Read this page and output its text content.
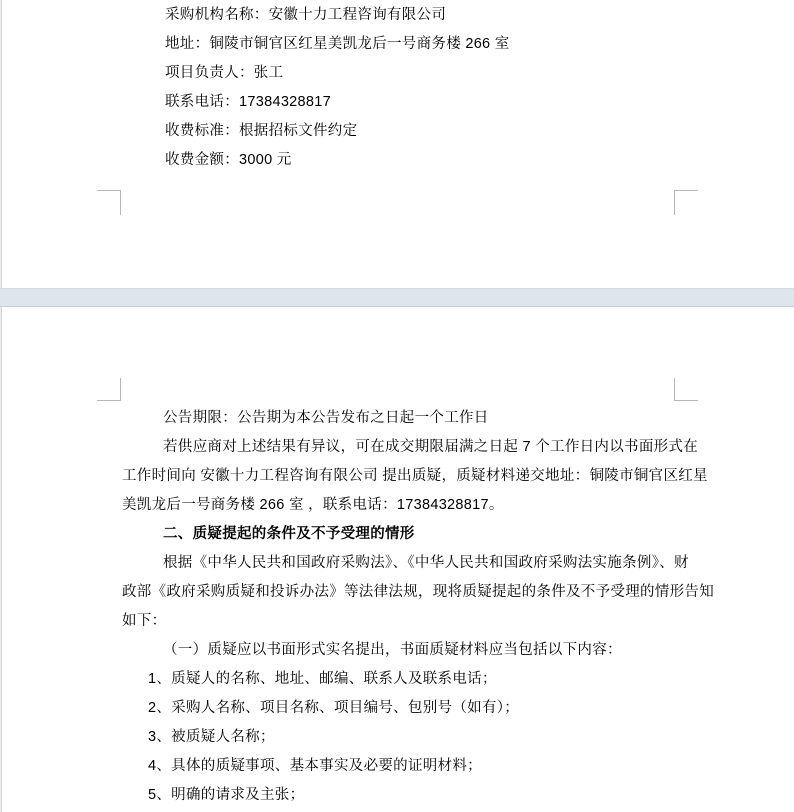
采购机构名称：安徽十力工程咨询有限公司
地址：铜陵市铜官区红星美凯龙后一号商务楼 266 室
项目负责人：张工
联系电话：17384328817
收费标准：根据招标文件约定
收费金额：3000 元
公告期限：公告期为本公告发布之日起一个工作日
若供应商对上述结果有异议，可在成交期限届满之日起 7 个工作日内以书面形式在
工作时间向 安徽十力工程咨询有限公司 提出质疑，质疑材料递交地址：铜陵市铜官区红星
美凯龙后一号商务楼 266 室 ，联系电话：17384328817。
二、质疑提起的条件及不予受理的情形
根据《中华人民共和国政府采购法》、《中华人民共和国政府采购法实施条例》、财
政部《政府采购质疑和投诉办法》等法律法规，现将质疑提起的条件及不予受理的情形告知
如下：
（一）质疑应以书面形式实名提出，书面质疑材料应当包括以下内容：
1、质疑人的名称、地址、邮编、联系人及联系电话；
2、采购人名称、项目名称、项目编号、包别号（如有）；
3、被质疑人名称；
4、具体的质疑事项、基本事实及必要的证明材料；
5、明确的请求及主张；
